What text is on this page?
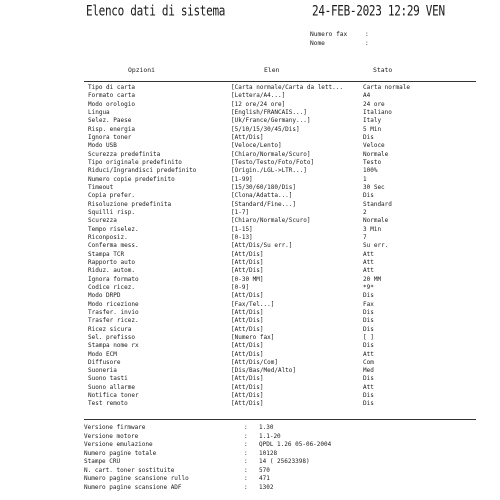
Elenco dati di sistema	24-FEB-2023 12:29 VEN
Numero fax	:
Nome	:
Opzioni	Elen	Stato
Tipo di carta	[Carta normale/Carta da lett...	Carta normale
Formato carta	[Lettera/A4...]	A4
Modo orologio	[12 ore/24 ore]	24 ore
Lingua	[English/FRANCAIS...]	Italiano
Selez. Paese	[Uk/France/Germany...]	Italy
Risp. energia	[5/10/15/30/45/Dis]	5 Min
Ignora toner	[Att/Dis]	Dis
Modo USB	[Veloce/Lento]	Veloce
Scurezza predefinita	[Chiaro/Normale/Scuro]	Normale
Tipo originale predefinito	[Testo/Testo/Foto/Foto]	Testo
Riduci/Ingrandisci predefinito	[Origin./LGL->LTR...]	100%
Numero copie predefinito	[1-99]	1
Timeout	[15/30/60/180/Dis]	30 Sec
Copia prefer.	[Clona/Adatta...]	Dis
Risoluzione predefinita	[Standard/Fine...]	Standard
Squilli risp.	[1-7]	2
Scurezza	[Chiaro/Normale/Scuro]	Normale
Tempo riselez.	[1-15]	3 Min
Riconposiz.	[0-13]	7
Conferma mess.	[Att/Dis/Su err.]	Su err.
Stampa TCR	[Att/Dis]	Att
Rapporto auto	[Att/Dis]	Att
Riduz. autom.	[Att/Dis]	Att
Ignora formato	[0-30 MM]	20 MM
Codice ricez.	[0-9]	*9*
Modo DRPD	[Att/Dis]	Dis
Modo ricezione	[Fax/Tel...]	Fax
Trasfer. invio	[Att/Dis]	Dis
Trasfer ricez.	[Att/Dis]	Dis
Ricez sicura	[Att/Dis]	Dis
Sel. prefisso	[Numero fax]	[ ]
Stampa nome rx	[Att/Dis]	Dis
Modo ECM	[Att/Dis]	Att
Diffusore	[Att/Dis/Com]	Com
Suoneria	[Dis/Bas/Med/Alto]	Med
Suono tasti	[Att/Dis]	Dis
Suono allarme	[Att/Dis]	Att
Notifica toner	[Att/Dis]	Dis
Test remoto	[Att/Dis]	Dis
Versione firmware	: 1.30
Versione motore	: 1.1-20
Versione emulazione	: QPDL 1.26 05-06-2004
Numero pagine totale	: 10128
Stampe CRU	: 14 ( 25623398)
N. cart. toner sostituite	: 570
Numero pagine scansione rullo	: 471
Numero pagine scansione ADF	: 1302
